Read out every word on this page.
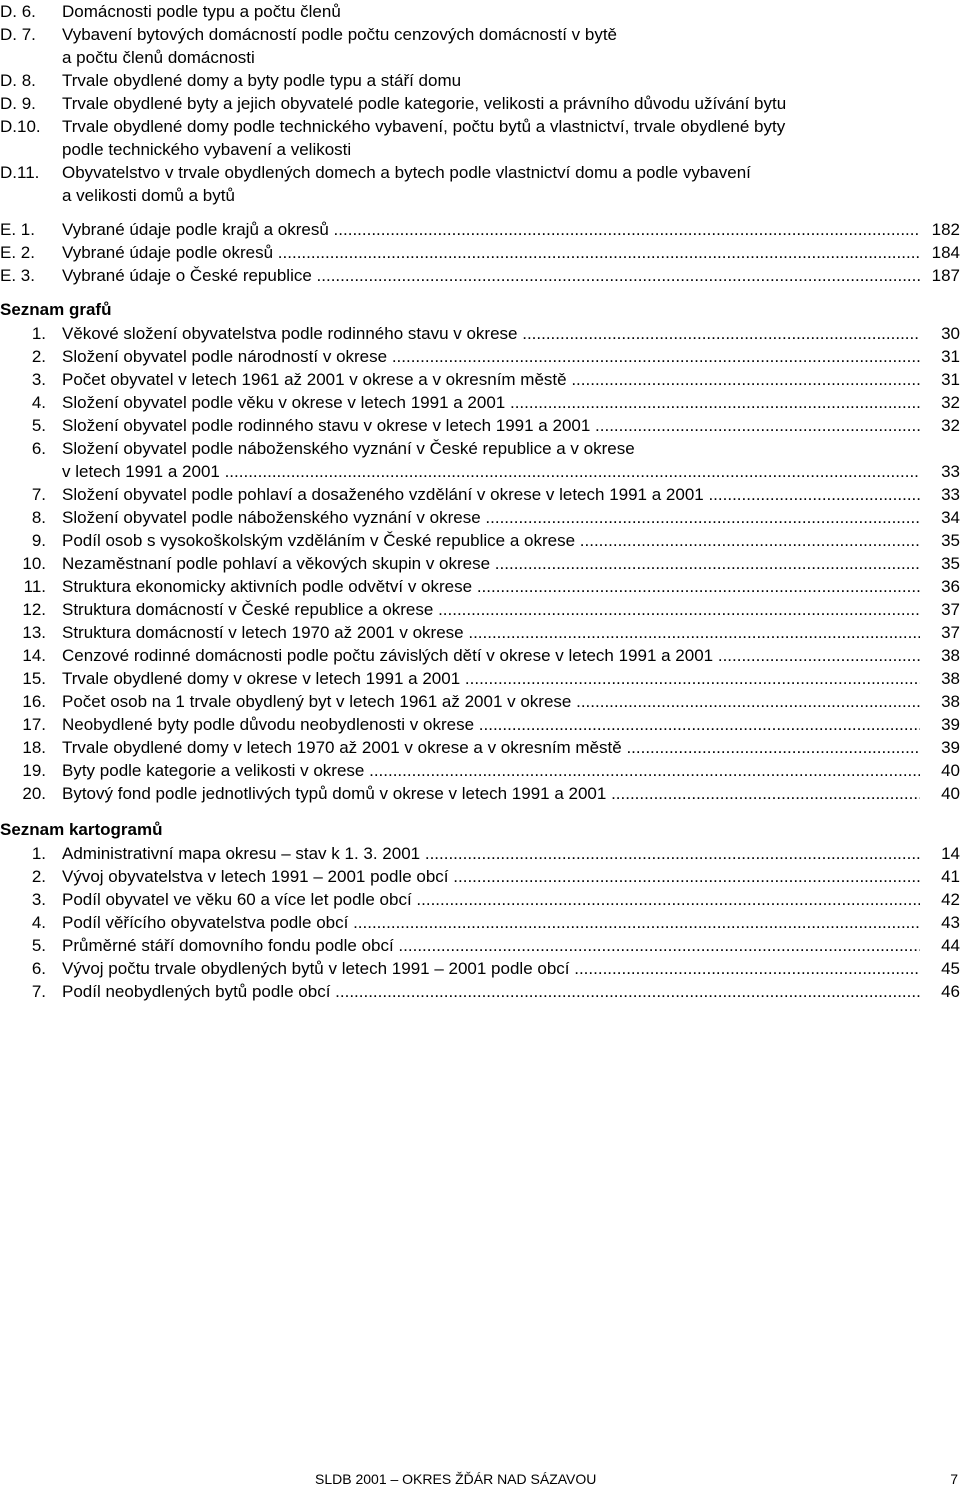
D. 6. Domácnosti podle typu a počtu členů
D. 7. Vybavení bytových domácností podle počtu cenzových domácností v bytě
a počtu členů domácnosti
D. 8. Trvale obydlené domy a byty podle typu a stáří domu
D. 9. Trvale obydlené byty a jejich obyvatelé podle kategorie, velikosti a právního důvodu užívání bytu
D.10. Trvale obydlené domy podle technického vybavení, počtu bytů a vlastnictví, trvale obydlené byty
podle technického vybavení a velikosti
D.11. Obyvatelstvo v trvale obydlených domech a bytech podle vlastnictví domu a podle vybavení
a velikosti domů a bytů
E. 1. Vybrané údaje podle krajů a okresů .....	182
E. 2. Vybrané údaje podle okresů .....	184
E. 3. Vybrané údaje o České republice .....	187
Seznam grafů
1. Věkové složení obyvatelstva podle rodinného stavu v okrese .....	30
2. Složení obyvatel podle národností v okrese .....	31
3. Počet obyvatel v letech 1961 až 2001 v okrese a v okresním městě .....	31
4. Složení obyvatel podle věku v okrese v letech 1991 a 2001 .....	32
5. Složení obyvatel podle rodinného stavu v okrese v letech 1991 a 2001 .....	32
6. Složení obyvatel podle náboženského vyznání v České republice a v okrese
v letech 1991 a 2001 .....	33
7. Složení obyvatel podle pohlaví a dosaženého vzdělání v okrese v letech 1991 a 2001 .....	33
8. Složení obyvatel podle náboženského vyznání v okrese .....	34
9. Podíl osob s vysokoškolským vzděláním v České republice a okrese .....	35
10. Nezaměstnaní podle pohlaví a věkových skupin v okrese .....	35
11. Struktura ekonomicky aktivních podle odvětví v okrese .....	36
12. Struktura domácností v České republice a okrese .....	37
13. Struktura domácností v letech 1970 až 2001 v okrese .....	37
14. Cenzové rodinné domácnosti podle počtu závislých dětí v okrese v letech 1991 a 2001 .....	38
15. Trvale obydlené domy v okrese v letech 1991 a 2001 .....	38
16. Počet osob na 1 trvale obydlený byt v letech 1961 až 2001 v okrese .....	38
17. Neobydlené byty podle důvodu neobydlenosti v okrese .....	39
18. Trvale obydlené domy v letech 1970 až 2001 v okrese a v okresním městě .....	39
19. Byty podle kategorie a velikosti v okrese .....	40
20. Bytový fond podle jednotlivých typů domů v okrese v letech 1991 a 2001 .....	40
Seznam kartogramů
1. Administrativní mapa okresu – stav k 1. 3. 2001 .....	14
2. Vývoj obyvatelstva v letech 1991 – 2001 podle obcí .....	41
3. Podíl obyvatel ve věku 60 a více let podle obcí .....	42
4. Podíl věřícího obyvatelstva podle obcí .....	43
5. Průměrné stáří domovního fondu podle obcí .....	44
6. Vývoj počtu trvale obydlených bytů v letech 1991 – 2001 podle obcí .....	45
7. Podíl neobydlených bytů podle obcí .....	46
SLDB 2001 – OKRES ŽĎÁR NAD SÁZAVOU	7
